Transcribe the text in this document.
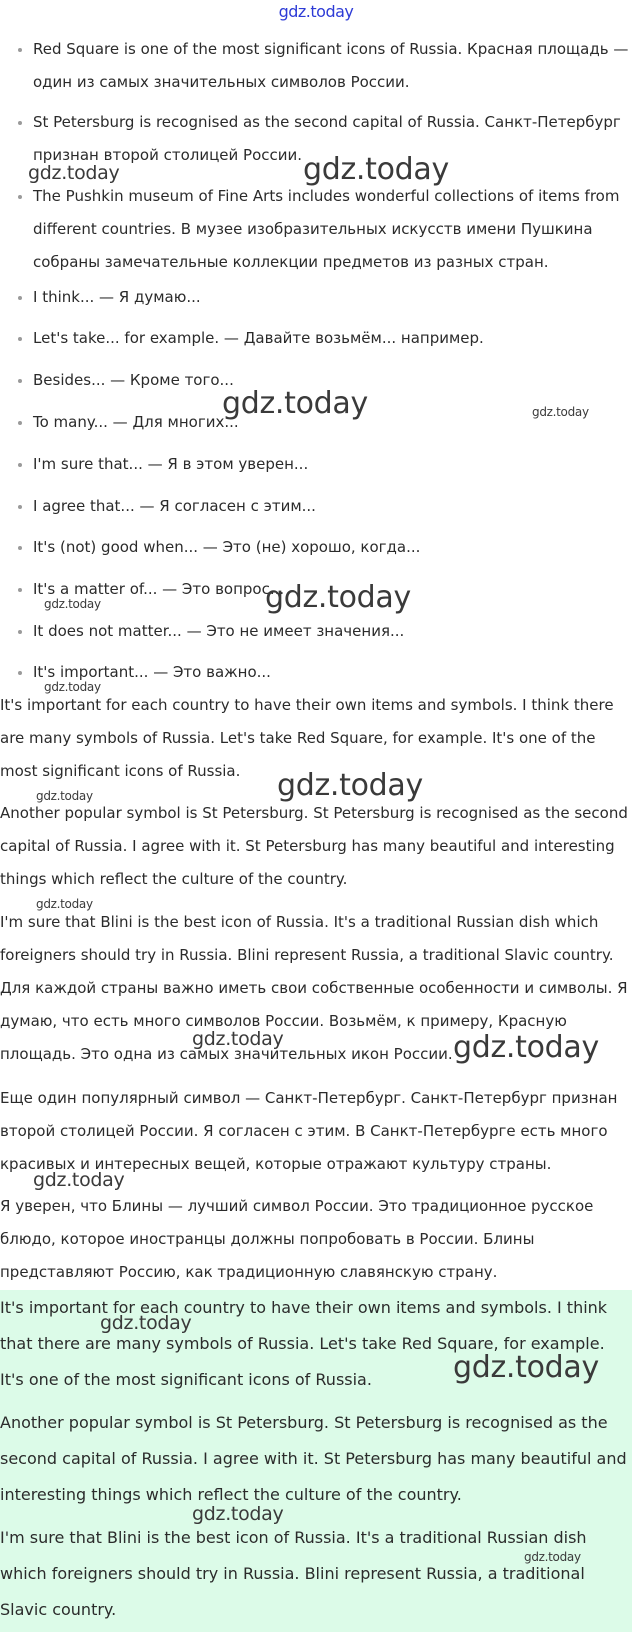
gdz.today
Red Square is one of the most significant icons of Russia. Красная площадь — один из самых значительных символов России.
St Petersburg is recognised as the second capital of Russia. Санкт-Петербург признан второй столицей России.
The Pushkin museum of Fine Arts includes wonderful collections of items from different countries. В музее изобразительных искусств имени Пушкина собраны замечательные коллекции предметов из разных стран.
I think... — Я думаю...
Let's take... for example. — Давайте возьмём... например.
Besides... — Кроме того...
To many... — Для многих...
I'm sure that... — Я в этом уверен...
I agree that... — Я согласен с этим...
It's (not) good when... — Это (не) хорошо, когда...
It's a matter of... — Это вопрос...
It does not matter... — Это не имеет значения...
It's important... — Это важно...

It's important for each country to have their own items and symbols. I think there are many symbols of Russia. Let's take Red Square, for example. It's one of the most significant icons of Russia.

Another popular symbol is St Petersburg. St Petersburg is recognised as the second capital of Russia. I agree with it. St Petersburg has many beautiful and interesting things which reflect the culture of the country.

I'm sure that Blini is the best icon of Russia. It's a traditional Russian dish which foreigners should try in Russia. Blini represent Russia, a traditional Slavic country.

Для каждой страны важно иметь свои собственные особенности и символы. Я думаю, что есть много символов России. Возьмём, к примеру, Красную площадь. Это одна из самых значительных икон России.

Еще один популярный символ — Санкт-Петербург. Санкт-Петербург признан второй столицей России. Я согласен с этим. В Санкт-Петербурге есть много красивых и интересных вещей, которые отражают культуру страны.

Я уверен, что Блины — лучший символ России. Это традиционное русское блюдо, которое иностранцы должны попробовать в России. Блины представляют Россию, как традиционную славянскую страну.

It's important for each country to have their own items and symbols. I think that there are many symbols of Russia. Let's take Red Square, for example. It's one of the most significant icons of Russia.

Another popular symbol is St Petersburg. St Petersburg is recognised as the second capital of Russia. I agree with it. St Petersburg has many beautiful and interesting things which reflect the culture of the country.

I'm sure that Blini is the best icon of Russia. It's a traditional Russian dish which foreigners should try in Russia. Blini represent Russia, a traditional Slavic country.

gdz.today	gdz.today
gdz.today	gdz.today
gdz.today
gdz.today
gdz.today
gdz.today
gdz.today
gdz.today
gdz.today	gdz.today
gdz.today
gdz.today
gdz.today
gdz.today
gdz.today
